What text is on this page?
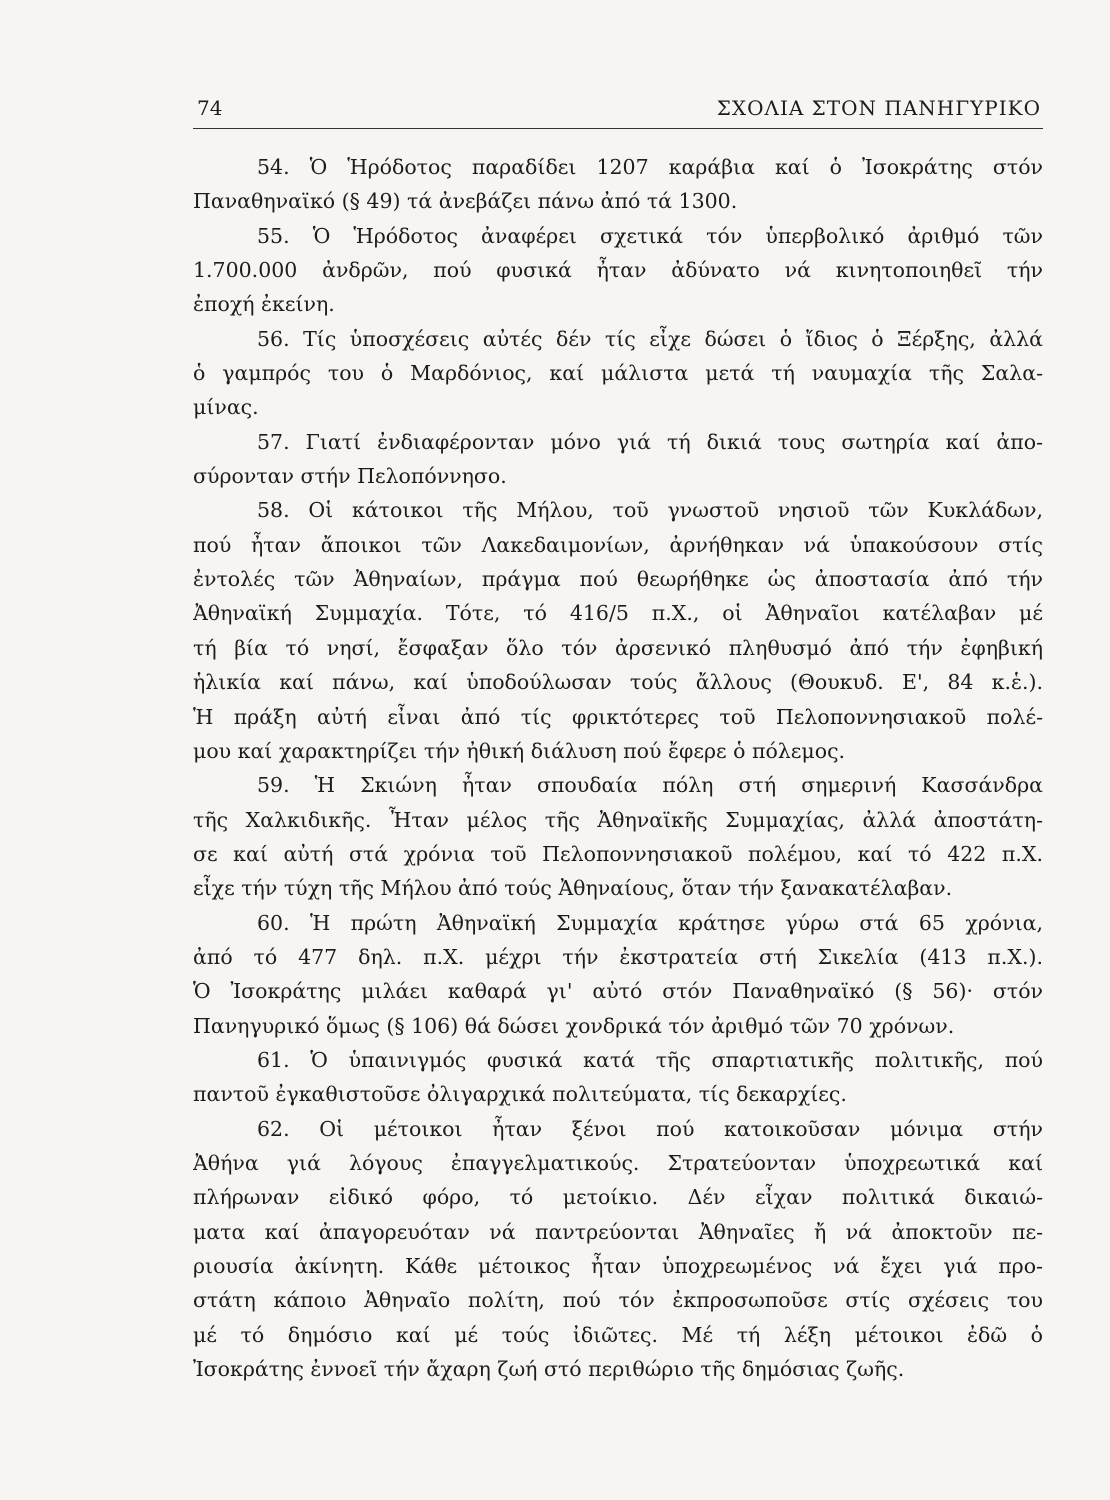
74	ΣΧΟΛΙΑ ΣΤΟΝ ΠΑΝΗΓΥΡΙΚΟ
54. Ὁ Ἡρόδοτος παραδίδει 1207 καράβια καί ὁ Ἰσοκράτης στόν
Παναθηναϊκό (§ 49) τά ἀνεβάζει πάνω ἀπό τά 1300.
55. Ὁ Ἡρόδοτος ἀναφέρει σχετικά τόν ὑπερβολικό ἀριθμό τῶν
1.700.000 ἀνδρῶν, πού φυσικά ἦταν ἀδύνατο νά κινητοποιηθεῖ τήν
ἐποχή ἐκείνη.
56. Τίς ὑποσχέσεις αὐτές δέν τίς εἶχε δώσει ὁ ἴδιος ὁ Ξέρξης, ἀλλά
ὁ γαμπρός του ὁ Μαρδόνιος, καί μάλιστα μετά τή ναυμαχία τῆς Σαλα-
μίνας.
57. Γιατί ἐνδιαφέρονταν μόνο γιά τή δικιά τους σωτηρία καί ἀπο-
σύρονταν στήν Πελοπόννησο.
58. Οἱ κάτοικοι τῆς Μήλου, τοῦ γνωστοῦ νησιοῦ τῶν Κυκλάδων,
πού ἦταν ἄποικοι τῶν Λακεδαιμονίων, ἀρνήθηκαν νά ὑπακούσουν στίς
ἐντολές τῶν Ἀθηναίων, πράγμα πού θεωρήθηκε ὡς ἀποστασία ἀπό τήν
Ἀθηναϊκή Συμμαχία. Τότε, τό 416/5 π.Χ., οἱ Ἀθηναῖοι κατέλαβαν μέ
τή βία τό νησί, ἔσφαξαν ὅλο τόν ἀρσενικό πληθυσμό ἀπό τήν ἐφηβική
ἡλικία καί πάνω, καί ὑποδούλωσαν τούς ἄλλους (Θουκυδ. Ε', 84 κ.ἑ.).
Ἡ πράξη αὐτή εἶναι ἀπό τίς φρικτότερες τοῦ Πελοποννησιακοῦ πολέ-
μου καί χαρακτηρίζει τήν ἠθική διάλυση πού ἔφερε ὁ πόλεμος.
59. Ἡ Σκιώνη ἦταν σπουδαία πόλη στή σημερινή Κασσάνδρα
τῆς Χαλκιδικῆς. Ἦταν μέλος τῆς Ἀθηναϊκῆς Συμμαχίας, ἀλλά ἀποστάτη-
σε καί αὐτή στά χρόνια τοῦ Πελοποννησιακοῦ πολέμου, καί τό 422 π.Χ.
εἶχε τήν τύχη τῆς Μήλου ἀπό τούς Ἀθηναίους, ὅταν τήν ξανακατέλαβαν.
60. Ἡ πρώτη Ἀθηναϊκή Συμμαχία κράτησε γύρω στά 65 χρόνια,
ἀπό τό 477 δηλ. π.Χ. μέχρι τήν ἐκστρατεία στή Σικελία (413 π.Χ.).
Ὁ Ἰσοκράτης μιλάει καθαρά γι' αὐτό στόν Παναθηναϊκό (§ 56)· στόν
Πανηγυρικό ὅμως (§ 106) θά δώσει χονδρικά τόν ἀριθμό τῶν 70 χρόνων.
61. Ὁ ὑπαινιγμός φυσικά κατά τῆς σπαρτιατικῆς πολιτικῆς, πού
παντοῦ ἐγκαθιστοῦσε ὀλιγαρχικά πολιτεύματα, τίς δεκαρχίες.
62. Οἱ μέτοικοι ἦταν ξένοι πού κατοικοῦσαν μόνιμα στήν
Ἀθήνα γιά λόγους ἐπαγγελματικούς. Στρατεύονταν ὑποχρεωτικά καί
πλήρωναν εἰδικό φόρο, τό μετοίκιο. Δέν εἶχαν πολιτικά δικαιώ-
ματα καί ἀπαγορευόταν νά παντρεύονται Ἀθηναῖες ἤ νά ἀποκτοῦν πε-
ριουσία ἀκίνητη. Κάθε μέτοικος ἦταν ὑποχρεωμένος νά ἔχει γιά προ-
στάτη κάποιο Ἀθηναῖο πολίτη, πού τόν ἐκπροσωποῦσε στίς σχέσεις του
μέ τό δημόσιο καί μέ τούς ἰδιῶτες. Μέ τή λέξη μέτοικοι ἐδῶ ὁ
Ἰσοκράτης ἐννοεῖ τήν ἄχαρη ζωή στό περιθώριο τῆς δημόσιας ζωῆς.
